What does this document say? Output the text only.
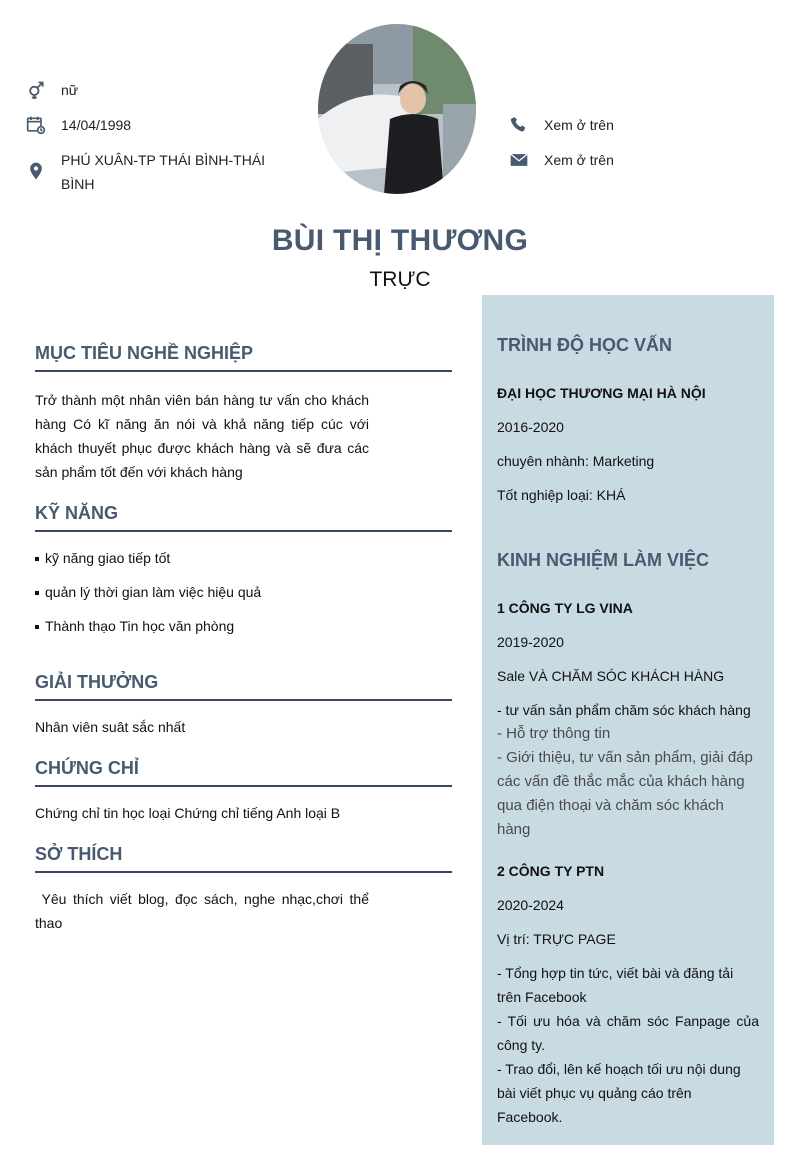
nữ
14/04/1998
PHÚ XUÂN-TP THÁI BÌNH-THÁI BÌNH
Xem ở trên
Xem ở trên
BÙI THỊ THƯƠNG
TRỰC
MỤC TIÊU NGHỀ NGHIỆP
Trở thành một nhân viên bán hàng tư vấn cho khách hàng Có kĩ năng ăn nói và khả năng tiếp cúc với khách thuyết phục được khách hàng và sẽ đưa các sản phẩm tốt đến với khách hàng
KỸ NĂNG
kỹ năng giao tiếp tốt
quản lý thời gian làm việc hiệu quả
Thành thạo Tin học văn phòng
GIẢI THƯỞNG
Nhân viên suât sắc nhất
CHỨNG CHỈ
Chứng chỉ tin học loại Chứng chỉ tiếng Anh loại B
SỞ THÍCH
Yêu thích viết blog, đọc sách, nghe nhạc,chơi thể thao
TRÌNH ĐỘ HỌC VẤN
ĐẠI HỌC THƯƠNG MẠI HÀ NỘI
2016-2020
chuyên nhành: Marketing
Tốt nghiệp loại: KHÁ
KINH NGHIỆM LÀM VIỆC
1 CÔNG TY LG VINA
2019-2020
Sale VÀ CHĂM SÓC KHÁCH HÀNG
- tư vấn sản phẩm chăm sóc khách hàng
- Hỗ trợ thông tin
- Giới thiệu, tư vấn sản phẩm, giải đáp các vấn đề thắc mắc của khách hàng qua điện thoại và chăm sóc khách hàng
2 CÔNG TY PTN
2020-2024
Vị trí: TRỰC PAGE
- Tổng hợp tin tức, viết bài và đăng tải trên Facebook
- Tối ưu hóa và chăm sóc Fanpage của công ty.
- Trao đổi, lên kế hoạch tối ưu nội dung bài viết phục vụ quảng cáo trên Facebook.
